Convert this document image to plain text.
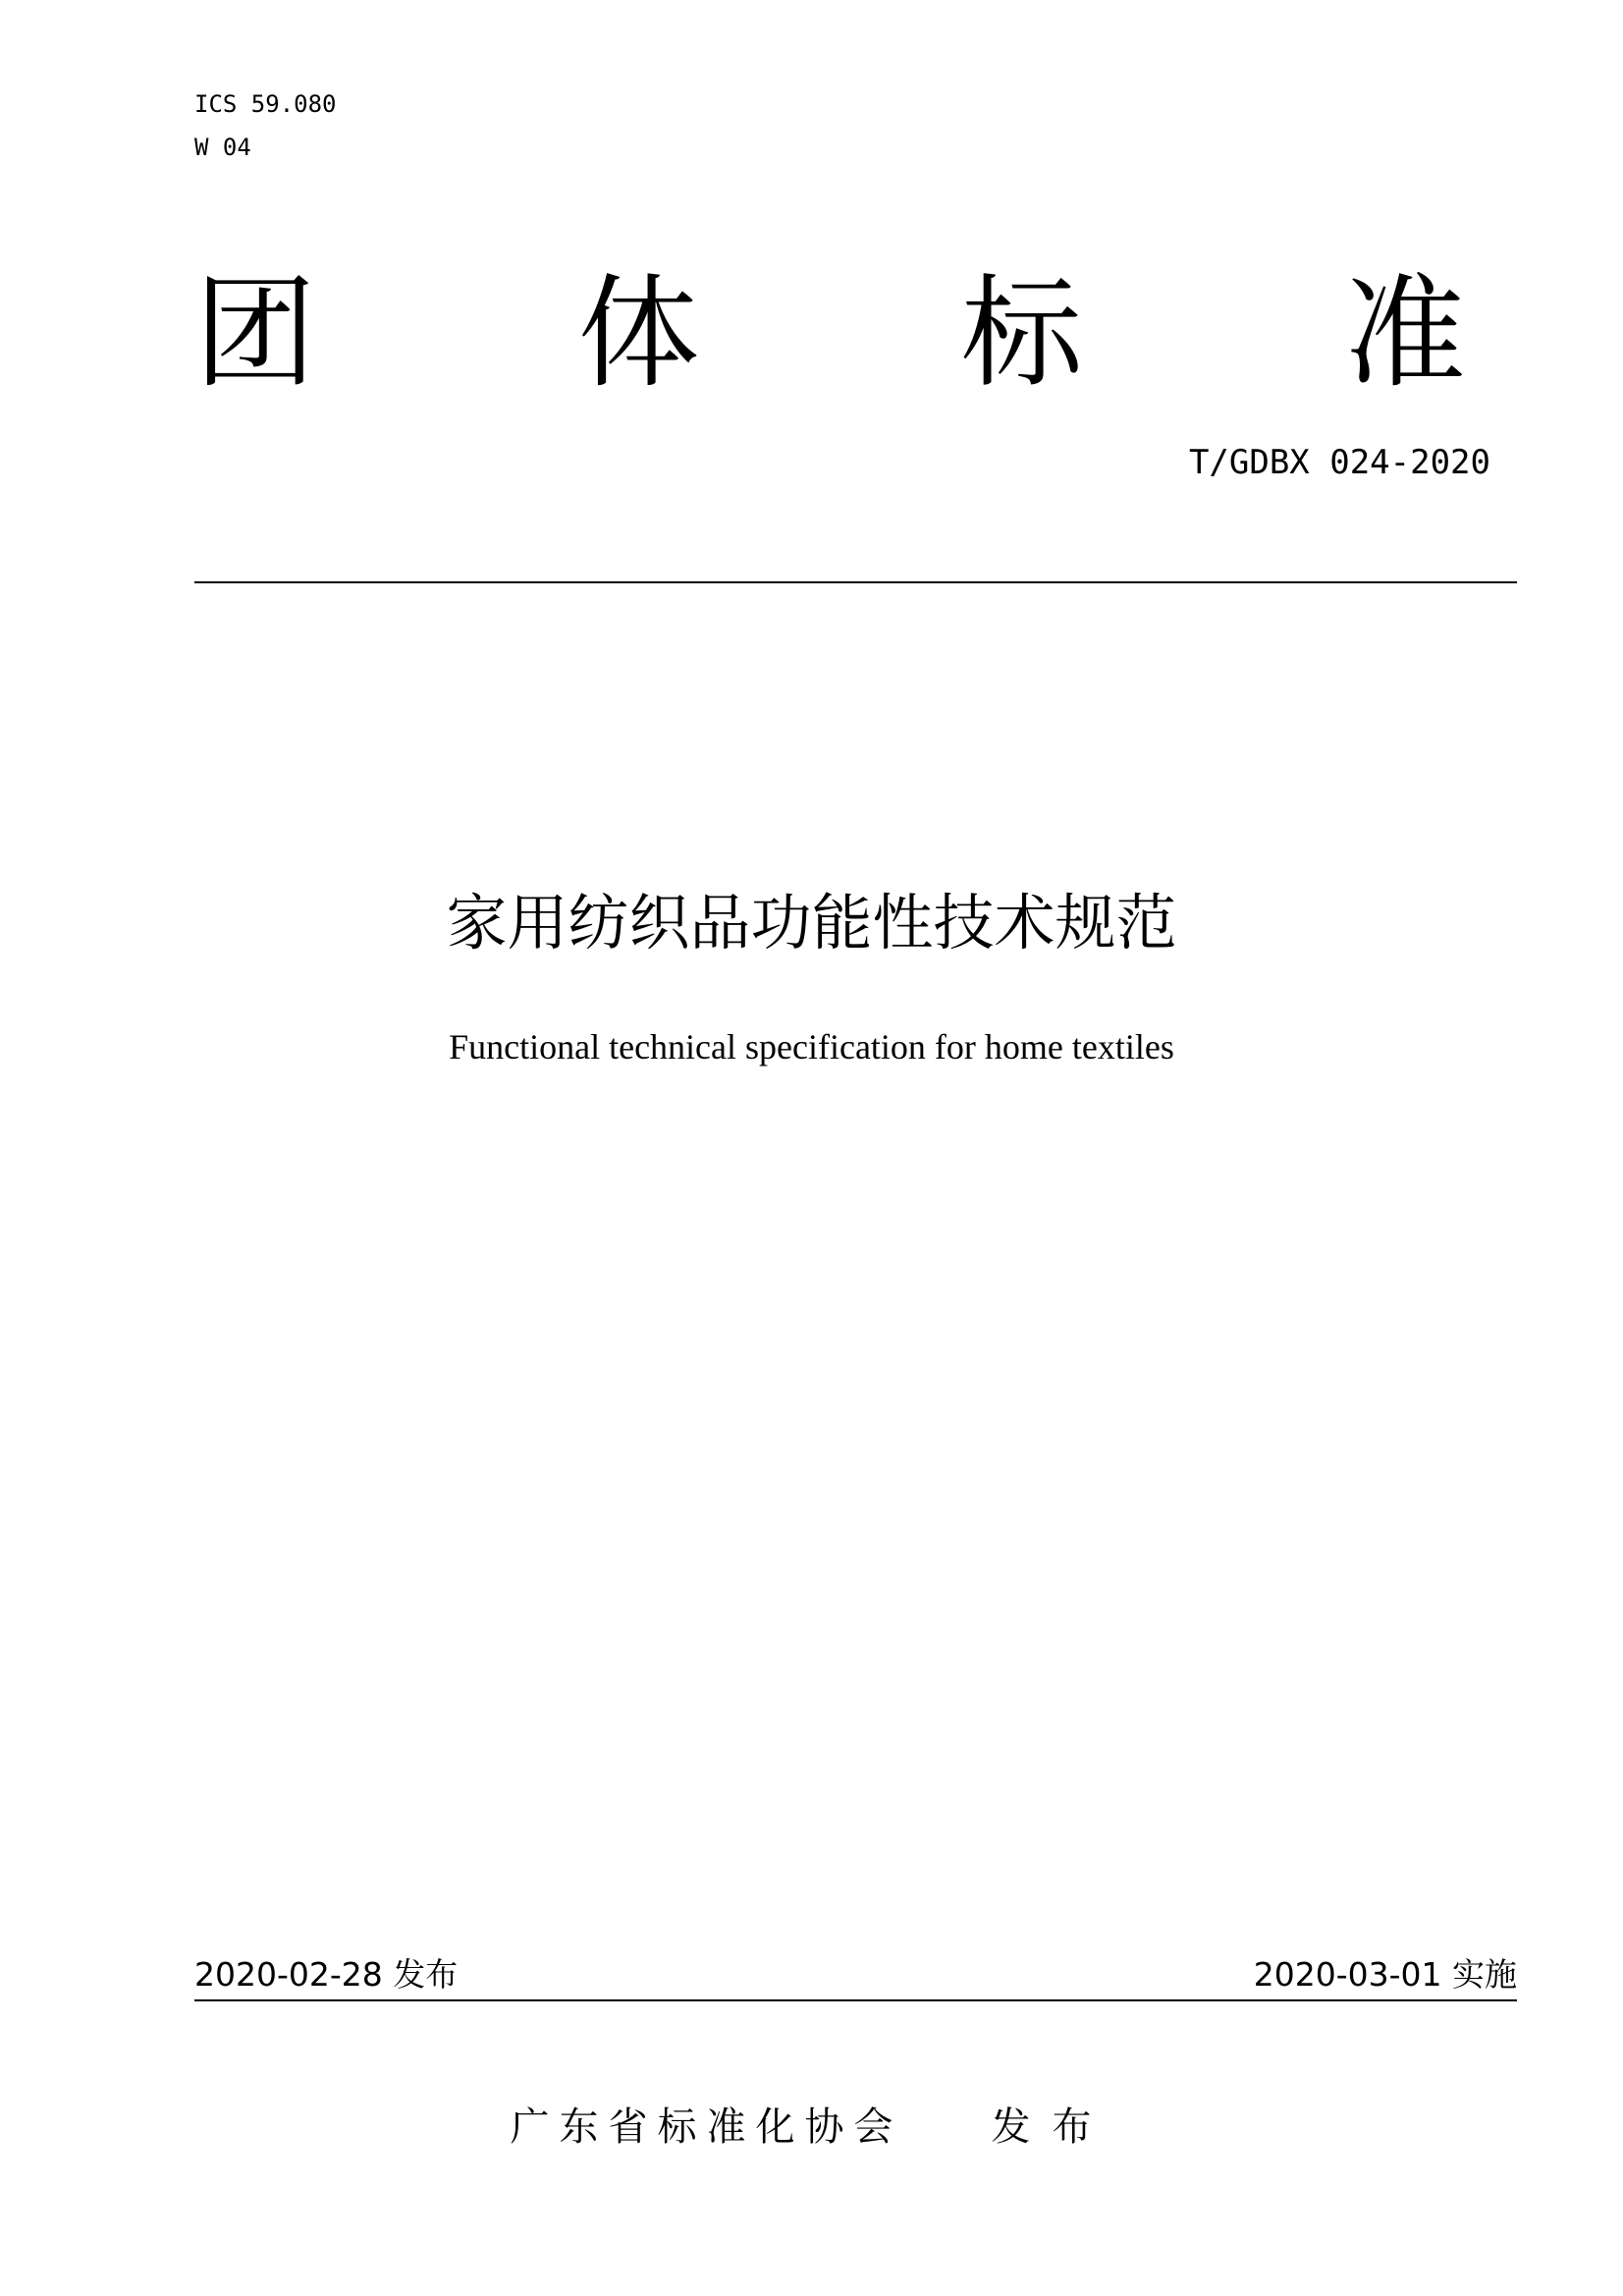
ICS 59.080
W 04
团 体 标 准
T/GDBX 024-2020
家用纺织品功能性技术规范
Functional technical specification for home textiles
2020-02-28 发布	2020-03-01 实施
广东省标准化协会 发布
